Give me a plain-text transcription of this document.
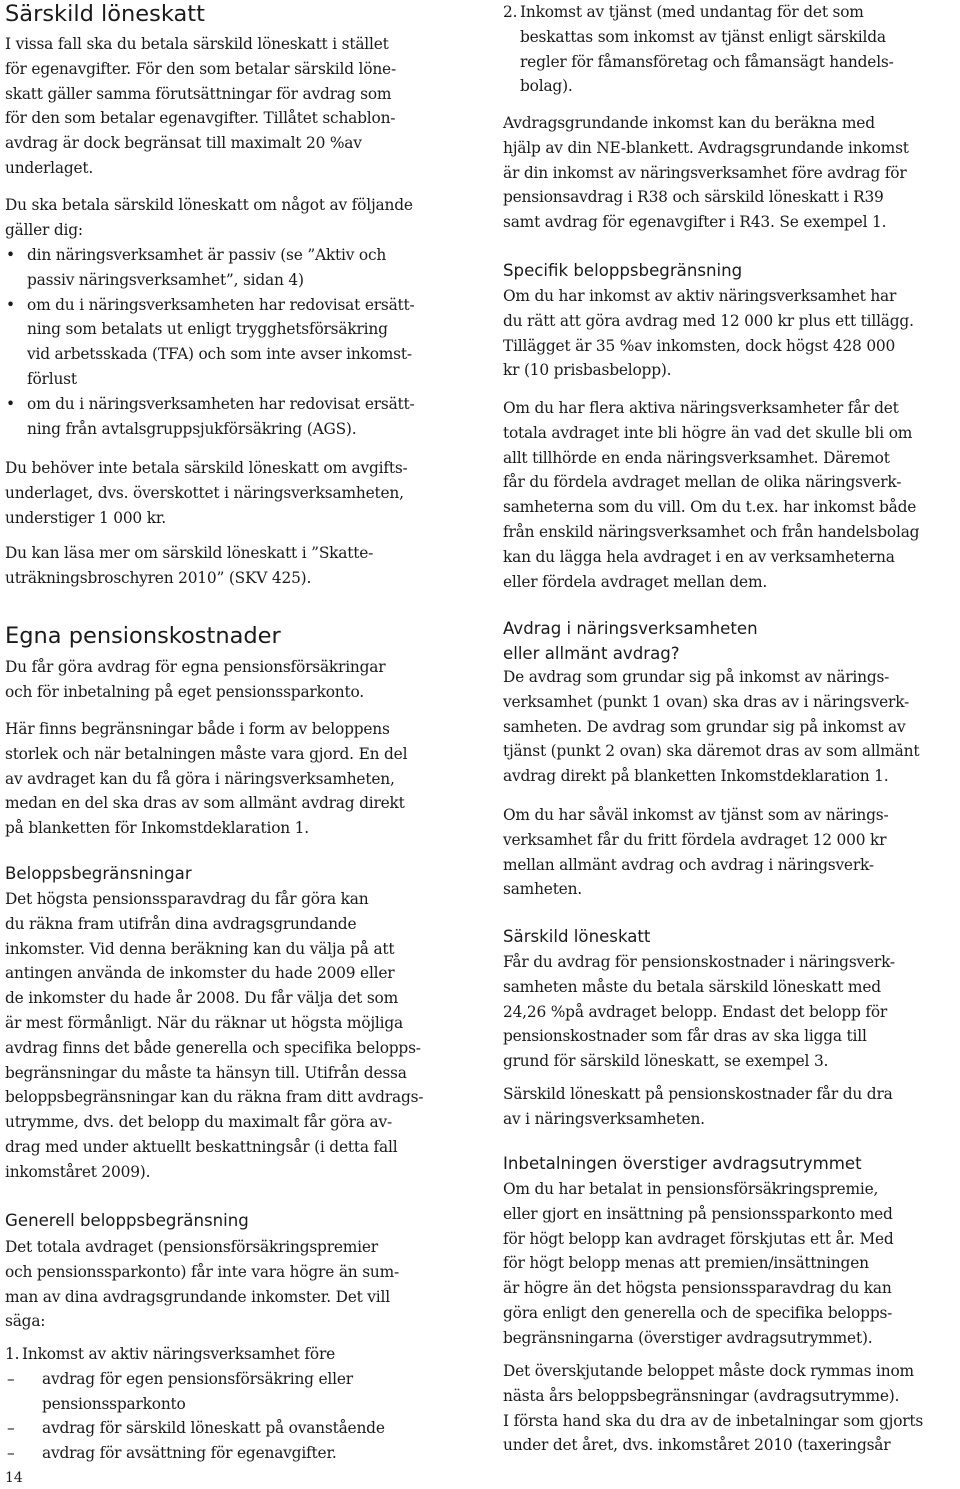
Särskild löneskatt

I vissa fall ska du betala särskild löneskatt i stället
för egenavgifter. För den som betalar särskild löne-
skatt gäller samma förutsättningar för avdrag som
för den som betalar egenavgifter. Tillåtet schablon-
avdrag är dock begränsat till maximalt 20 %av
underlaget.

Du ska betala särskild löneskatt om något av följande
gäller dig:

• din näringsverksamhet är passiv (se ”Aktiv och
passiv näringsverksamhet”, sidan 4)
• om du i näringsverksamheten har redovisat ersätt-
ning som betalats ut enligt trygghetsförsäkring
vid arbetsskada (TFA) och som inte avser inkomst-
förlust
• om du i näringsverksamheten har redovisat ersätt-
ning från avtalsgruppsjukförsäkring (AGS).

Du behöver inte betala särskild löneskatt om avgifts-
underlaget, dvs. överskottet i näringsverksamheten,
understiger 1 000 kr.

Du kan läsa mer om särskild löneskatt i ”Skatte-
uträkningsbroschyren 2010” (SKV 425).

Egna pensionskostnader

Du får göra avdrag för egna pensionsförsäkringar
och för inbetalning på eget pensionssparkonto.

Här finns begränsningar både i form av beloppens
storlek och när betalningen måste vara gjord. En del
av avdraget kan du få göra i näringsverksamheten,
medan en del ska dras av som allmänt avdrag direkt
på blanketten för Inkomstdeklaration 1.

Beloppsbegränsningar

Det högsta pensionssparavdrag du får göra kan
du räkna fram utifrån dina avdragsgrundande
inkomster. Vid denna beräkning kan du välja på att
antingen använda de inkomster du hade 2009 eller
de inkomster du hade år 2008. Du får välja det som
är mest förmånligt. När du räknar ut högsta möjliga
avdrag finns det både generella och specifika belopps-
begränsningar du måste ta hänsyn till. Utifrån dessa
beloppsbegränsningar kan du räkna fram ditt avdrags-
utrymme, dvs. det belopp du maximalt får göra av-
drag med under aktuellt beskattningsår (i detta fall
inkomståret 2009).

Generell beloppsbegränsning

Det totala avdraget (pensionsförsäkringspremier
och pensionssparkonto) får inte vara högre än sum-
man av dina avdragsgrundande inkomster. Det vill
säga:

1. Inkomst av aktiv näringsverksamhet före
– avdrag för egen pensionsförsäkring eller
pensionssparkonto
– avdrag för särskild löneskatt på ovanstående
– avdrag för avsättning för egenavgifter.
2. Inkomst av tjänst (med undantag för det som
beskattas som inkomst av tjänst enligt särskilda
regler för fåmansföretag och fåmansägt handels-
bolag).

Avdragsgrundande inkomst kan du beräkna med
hjälp av din NE-blankett. Avdragsgrundande inkomst
är din inkomst av näringsverksamhet före avdrag för
pensionsavdrag i R38 och särskild löneskatt i R39
samt avdrag för egenavgifter i R43. Se exempel 1.

Specifik beloppsbegränsning

Om du har inkomst av aktiv näringsverksamhet har
du rätt att göra avdrag med 12 000 kr plus ett tillägg.
Tillägget är 35 %av inkomsten, dock högst 428 000
kr (10 prisbasbelopp).

Om du har flera aktiva näringsverksamheter får det
totala avdraget inte bli högre än vad det skulle bli om
allt tillhörde en enda näringsverksamhet. Däremot
får du fördela avdraget mellan de olika näringsverk-
samheterna som du vill. Om du t.ex. har inkomst både
från enskild näringsverksamhet och från handelsbolag
kan du lägga hela avdraget i en av verksamheterna
eller fördela avdraget mellan dem.

Avdrag i näringsverksamheten
eller allmänt avdrag?

De avdrag som grundar sig på inkomst av närings-
verksamhet (punkt 1 ovan) ska dras av i näringsverk-
samheten. De avdrag som grundar sig på inkomst av
tjänst (punkt 2 ovan) ska däremot dras av som allmänt
avdrag direkt på blanketten Inkomstdeklaration 1.

Om du har såväl inkomst av tjänst som av närings-
verksamhet får du fritt fördela avdraget 12 000 kr
mellan allmänt avdrag och avdrag i näringsverk-
samheten.

Särskild löneskatt

Får du avdrag för pensionskostnader i näringsverk-
samheten måste du betala särskild löneskatt med
24,26 %på avdraget belopp. Endast det belopp för
pensionskostnader som får dras av ska ligga till
grund för särskild löneskatt, se exempel 3.

Särskild löneskatt på pensionskostnader får du dra
av i näringsverksamheten.

Inbetalningen överstiger avdragsutrymmet

Om du har betalat in pensionsförsäkringspremie,
eller gjort en insättning på pensionssparkonto med
för högt belopp kan avdraget förskjutas ett år. Med
för högt belopp menas att premien/insättningen
är högre än det högsta pensionssparavdrag du kan
göra enligt den generella och de specifika belopps-
begränsningarna (överstiger avdragsutrymmet).

Det överskjutande beloppet måste dock rymmas inom
nästa års beloppsbegränsningar (avdragsutrymme).
I första hand ska du dra av de inbetalningar som gjorts
under det året, dvs. inkomståret 2010 (taxeringsår

14
